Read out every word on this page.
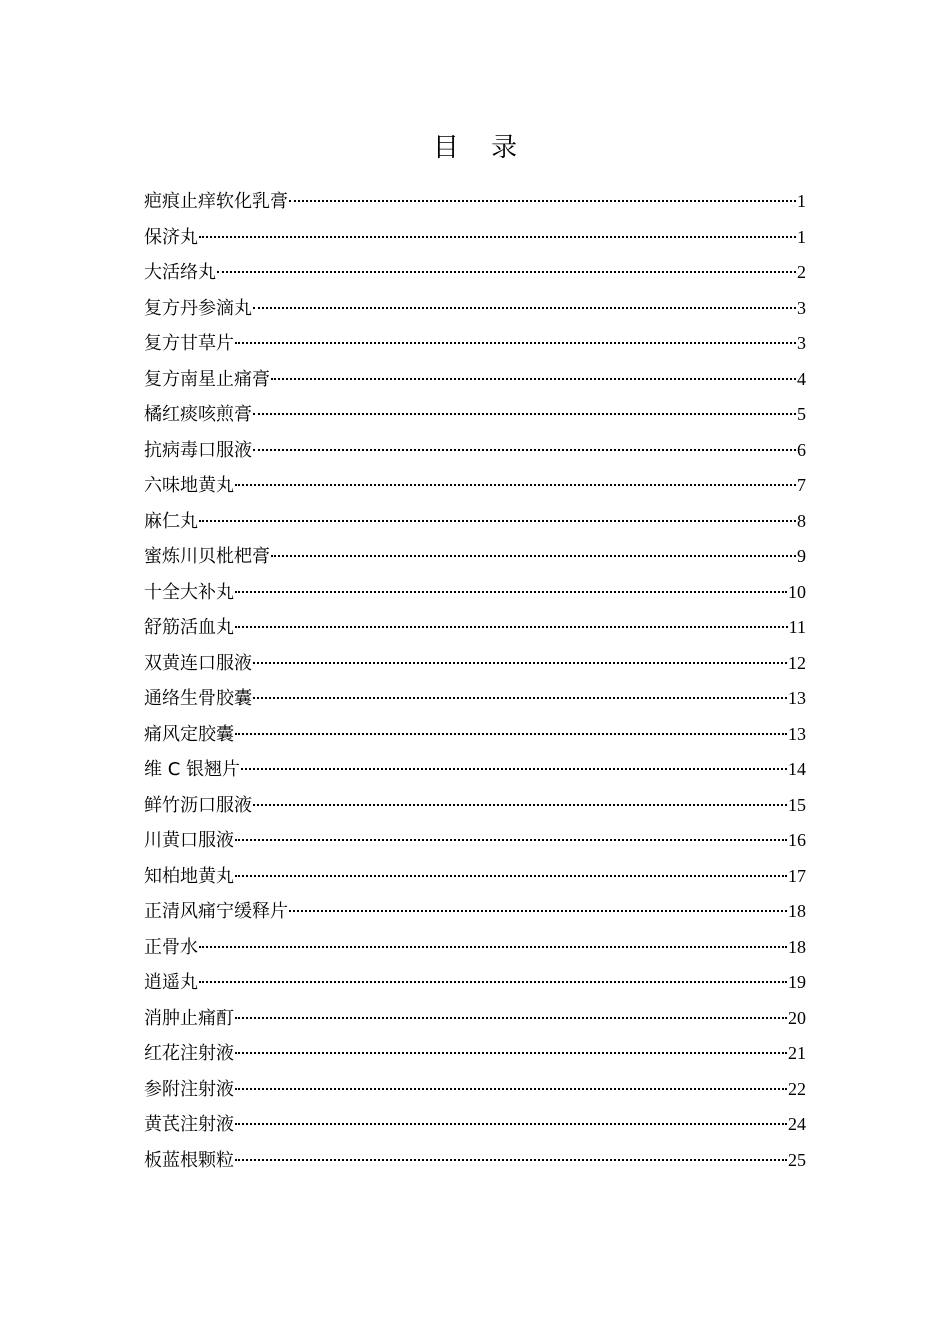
目 录
疤痕止痒软化乳膏	1
保济丸	1
大活络丸	2
复方丹参滴丸	3
复方甘草片	3
复方南星止痛膏	4
橘红痰咳煎膏	5
抗病毒口服液	6
六味地黄丸	7
麻仁丸	8
蜜炼川贝枇杷膏	9
十全大补丸	10
舒筋活血丸	11
双黄连口服液	12
通络生骨胶囊	13
痛风定胶囊	13
维 C 银翘片	14
鲜竹沥口服液	15
川黄口服液	16
知柏地黄丸	17
正清风痛宁缓释片	18
正骨水	18
逍遥丸	19
消肿止痛酊	20
红花注射液	21
参附注射液	22
黄芪注射液	24
板蓝根颗粒	25
